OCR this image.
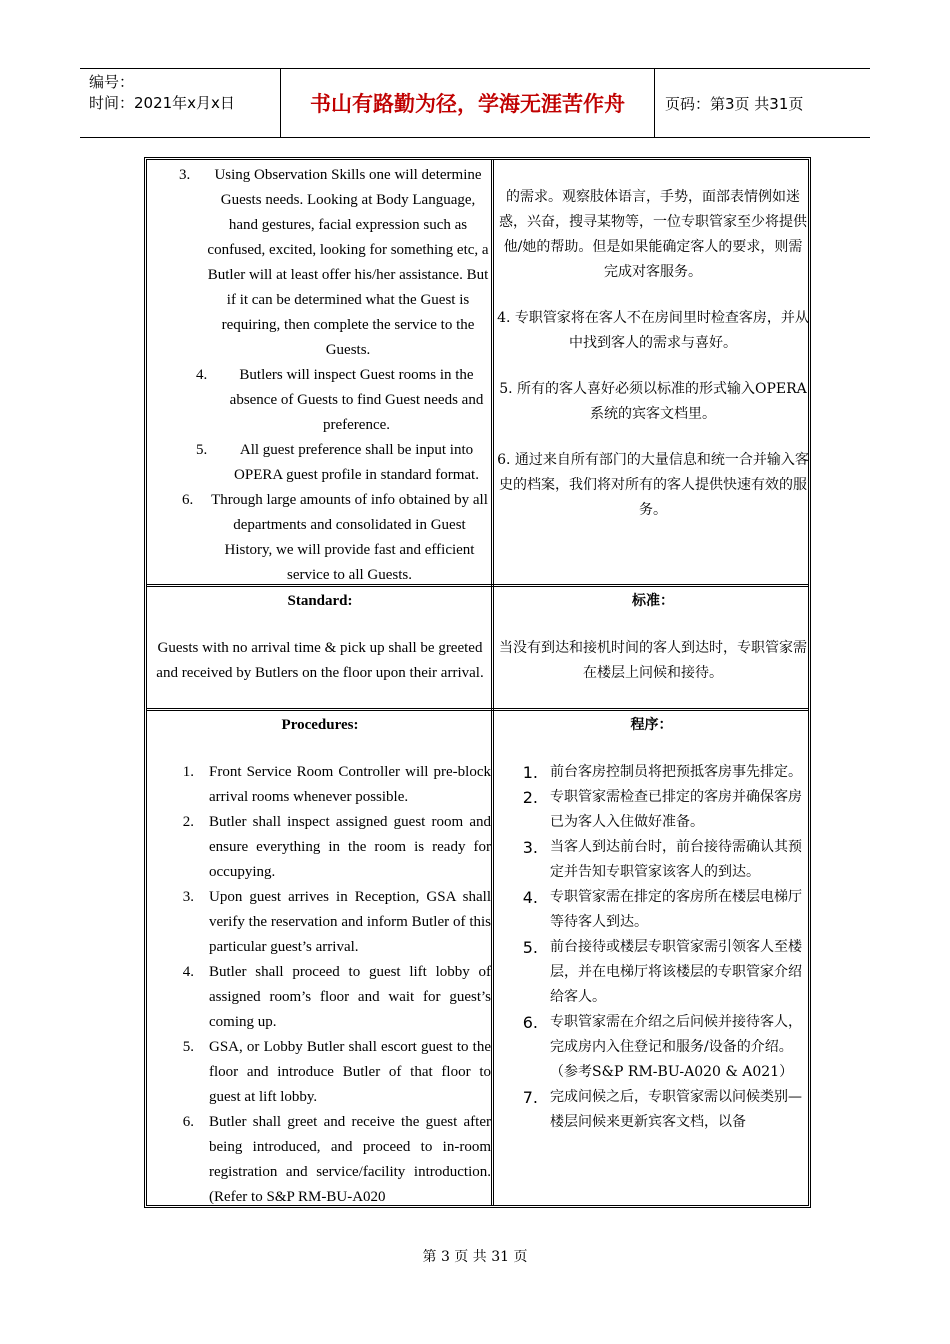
编号：
时间：2021年x月x日	书山有路勤为径，学海无涯苦作舟	页码：第3页 共31页
3.	Using Observation Skills one will determine Guests needs. Looking at Body Language, hand gestures, facial expression such as confused, excited, looking for something etc, a Butler will at least offer his/her assistance. But if it can be determined what the Guest is requiring, then complete the service to the Guests.
4.	Butlers will inspect Guest rooms in the absence of Guests to find Guest needs and preference.
5.	All guest preference shall be input into OPERA guest profile in standard format.
6.	Through large amounts of info obtained by all departments and consolidated in Guest History, we will provide fast and efficient service to all Guests.
的需求。观察肢体语言，手势，面部表情例如迷惑，兴奋，搜寻某物等，一位专职管家至少将提供他/她的帮助。但是如果能确定客人的要求，则需完成对客服务。
4. 专职管家将在客人不在房间里时检查客房，并从中找到客人的需求与喜好。
5. 所有的客人喜好必须以标准的形式输入OPERA系统的宾客文档里。
6. 通过来自所有部门的大量信息和统一合并输入客史的档案，我们将对所有的客人提供快速有效的服务。
Standard:
Guests with no arrival time & pick up shall be greeted and received by Butlers on the floor upon their arrival.
标准：
当没有到达和接机时间的客人到达时，专职管家需在楼层上问候和接待。
Procedures:
1.	Front Service Room Controller will pre-block arrival rooms whenever possible.
2.	Butler shall inspect assigned guest room and ensure everything in the room is ready for occupying.
3.	Upon guest arrives in Reception, GSA shall verify the reservation and inform Butler of this particular guest’s arrival.
4.	Butler shall proceed to guest lift lobby of assigned room’s floor and wait for guest’s coming up.
5.	GSA, or Lobby Butler shall escort guest to the floor and introduce Butler of that floor to guest at lift lobby.
6.	Butler shall greet and receive the guest after being introduced, and proceed to in-room registration and service/facility introduction. (Refer to S&P RM-BU-A020
程序：
1. 前台客房控制员将把预抵客房事先排定。
2. 专职管家需检查已排定的客房并确保客房已为客人入住做好准备。
3. 当客人到达前台时，前台接待需确认其预定并告知专职管家该客人的到达。
4. 专职管家需在排定的客房所在楼层电梯厅等待客人到达。
5. 前台接待或楼层专职管家需引领客人至楼层，并在电梯厅将该楼层的专职管家介绍给客人。
6. 专职管家需在介绍之后问候并接待客人，完成房内入住登记和服务/设备的介绍。（参考S&P RM-BU-A020 & A021）
7. 完成问候之后，专职管家需以问候类别—楼层问候来更新宾客文档，以备
第 3 页 共 31 页
